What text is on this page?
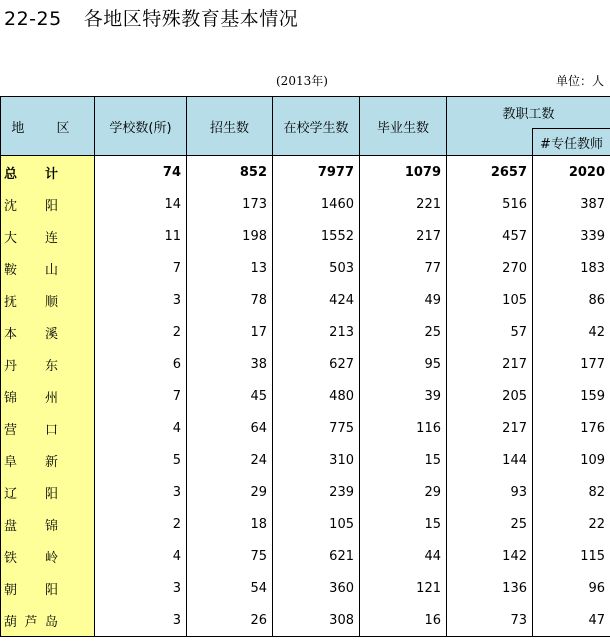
22-25 各地区特殊教育基本情况
(2013年)	单位：人
地 区	学校数(所)	招生数	在校学生数	毕业生数	教职工数	
						#专任教师

总 计	74	852	7977	1079	2657	2020

沈 阳	14	173	1460	221	516	387

大 连	11	198	1552	217	457	339

鞍 山	7	13	503	77	270	183

抚 顺	3	78	424	49	105	86

本 溪	2	17	213	25	57	42

丹 东	6	38	627	95	217	177

锦 州	7	45	480	39	205	159

营 口	4	64	775	116	217	176

阜 新	5	24	310	15	144	109

辽 阳	3	29	239	29	93	82

盘 锦	2	18	105	15	25	22

铁 岭	4	75	621	44	142	115

朝 阳	3	54	360	121	136	96

葫 芦 岛	3	26	308	16	73	47
